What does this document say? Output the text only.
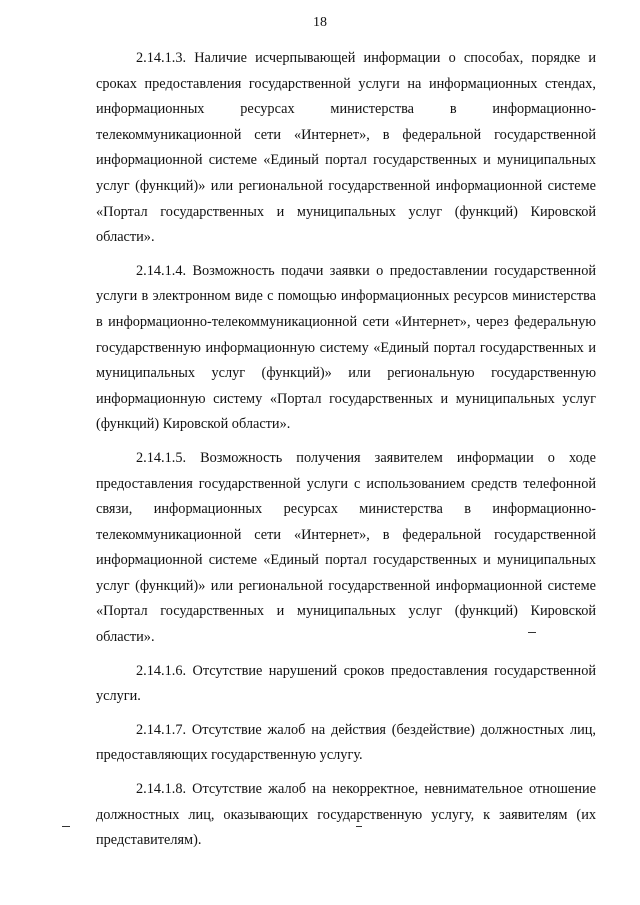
18

2.14.1.3. Наличие исчерпывающей информации о способах, порядке и сроках предоставления государственной услуги на информационных стендах, информационных ресурсах министерства в информационно-телекоммуникационной сети «Интернет», в федеральной государственной информационной системе «Единый портал государственных и муниципальных услуг (функций)» или региональной государственной информационной системе «Портал государственных и муниципальных услуг (функций) Кировской области».

2.14.1.4. Возможность подачи заявки о предоставлении государственной услуги в электронном виде с помощью информационных ресурсов министерства в информационно-телекоммуникационной сети «Интернет», через федеральную государственную информационную систему «Единый портал государственных и муниципальных услуг (функций)» или региональную государственную информационную систему «Портал государственных и муниципальных услуг (функций) Кировской области».

2.14.1.5. Возможность получения заявителем информации о ходе предоставления государственной услуги с использованием средств телефонной связи, информационных ресурсах министерства в информационно-телекоммуникационной сети «Интернет», в федеральной государственной информационной системе «Единый портал государственных и муниципальных услуг (функций)» или региональной государственной информационной системе «Портал государственных и муниципальных услуг (функций) Кировской области».

2.14.1.6. Отсутствие нарушений сроков предоставления государственной услуги.

2.14.1.7. Отсутствие жалоб на действия (бездействие) должностных лиц, предоставляющих государственную услугу.

2.14.1.8. Отсутствие жалоб на некорректное, невнимательное отношение должностных лиц, оказывающих государственную услугу, к заявителям (их представителям).
